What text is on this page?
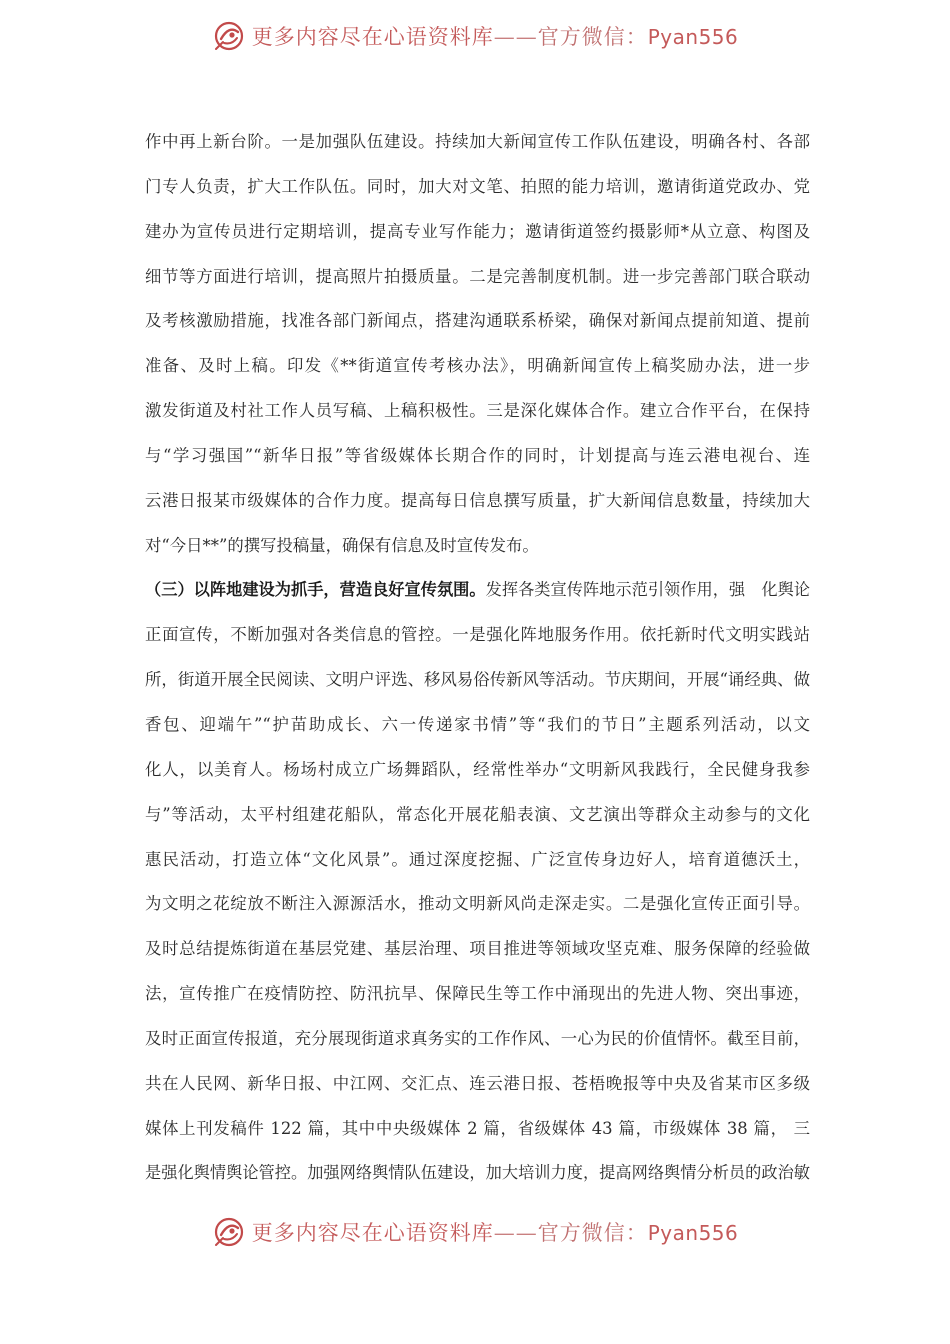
更多内容尽在心语资料库——官方微信：Pyan556
作中再上新台阶。一是加强队伍建设。持续加大新闻宣传工作队伍建设，明确各村、各部
门专人负责，扩大工作队伍。同时，加大对文笔、拍照的能力培训，邀请街道党政办、党
建办为宣传员进行定期培训，提高专业写作能力；邀请街道签约摄影师*从立意、构图及
细节等方面进行培训，提高照片拍摄质量。二是完善制度机制。进一步完善部门联合联动
及考核激励措施，找准各部门新闻点，搭建沟通联系桥梁，确保对新闻点提前知道、提前
准备、及时上稿。印发《**街道宣传考核办法》，明确新闻宣传上稿奖励办法，进一步
激发街道及村社工作人员写稿、上稿积极性。三是深化媒体合作。建立合作平台，在保持
与“学习强国”“新华日报”等省级媒体长期合作的同时，计划提高与连云港电视台、连
云港日报某市级媒体的合作力度。提高每日信息撰写质量，扩大新闻信息数量，持续加大
对“今日**”的撰写投稿量，确保有信息及时宣传发布。
（三）以阵地建设为抓手，营造良好宣传氛围。发挥各类宣传阵地示范引领作用，强　化舆论
正面宣传，不断加强对各类信息的管控。一是强化阵地服务作用。依托新时代文明实践站
所，街道开展全民阅读、文明户评选、移风易俗传新风等活动。节庆期间，开展“诵经典、做
香包、迎端午”“护苗助成长、六一传递家书情”等“我们的节日”主题系列活动，以文
化人，以美育人。杨场村成立广场舞蹈队，经常性举办“文明新风我践行，全民健身我参
与”等活动，太平村组建花船队，常态化开展花船表演、文艺演出等群众主动参与的文化
惠民活动，打造立体“文化风景”。通过深度挖掘、广泛宣传身边好人，培育道德沃土，
为文明之花绽放不断注入源源活水，推动文明新风尚走深走实。二是强化宣传正面引导。
及时总结提炼街道在基层党建、基层治理、项目推进等领域攻坚克难、服务保障的经验做
法，宣传推广在疫情防控、防汛抗旱、保障民生等工作中涌现出的先进人物、突出事迹，
及时正面宣传报道，充分展现街道求真务实的工作作风、一心为民的价值情怀。截至目前，
共在人民网、新华日报、中江网、交汇点、连云港日报、苍梧晚报等中央及省某市区多级
媒体上刊发稿件 122 篇，其中中央级媒体 2 篇，省级媒体 43 篇，市级媒体 38 篇， 三
是强化舆情舆论管控。加强网络舆情队伍建设，加大培训力度，提高网络舆情分析员的政治敏
更多内容尽在心语资料库——官方微信：Pyan556
